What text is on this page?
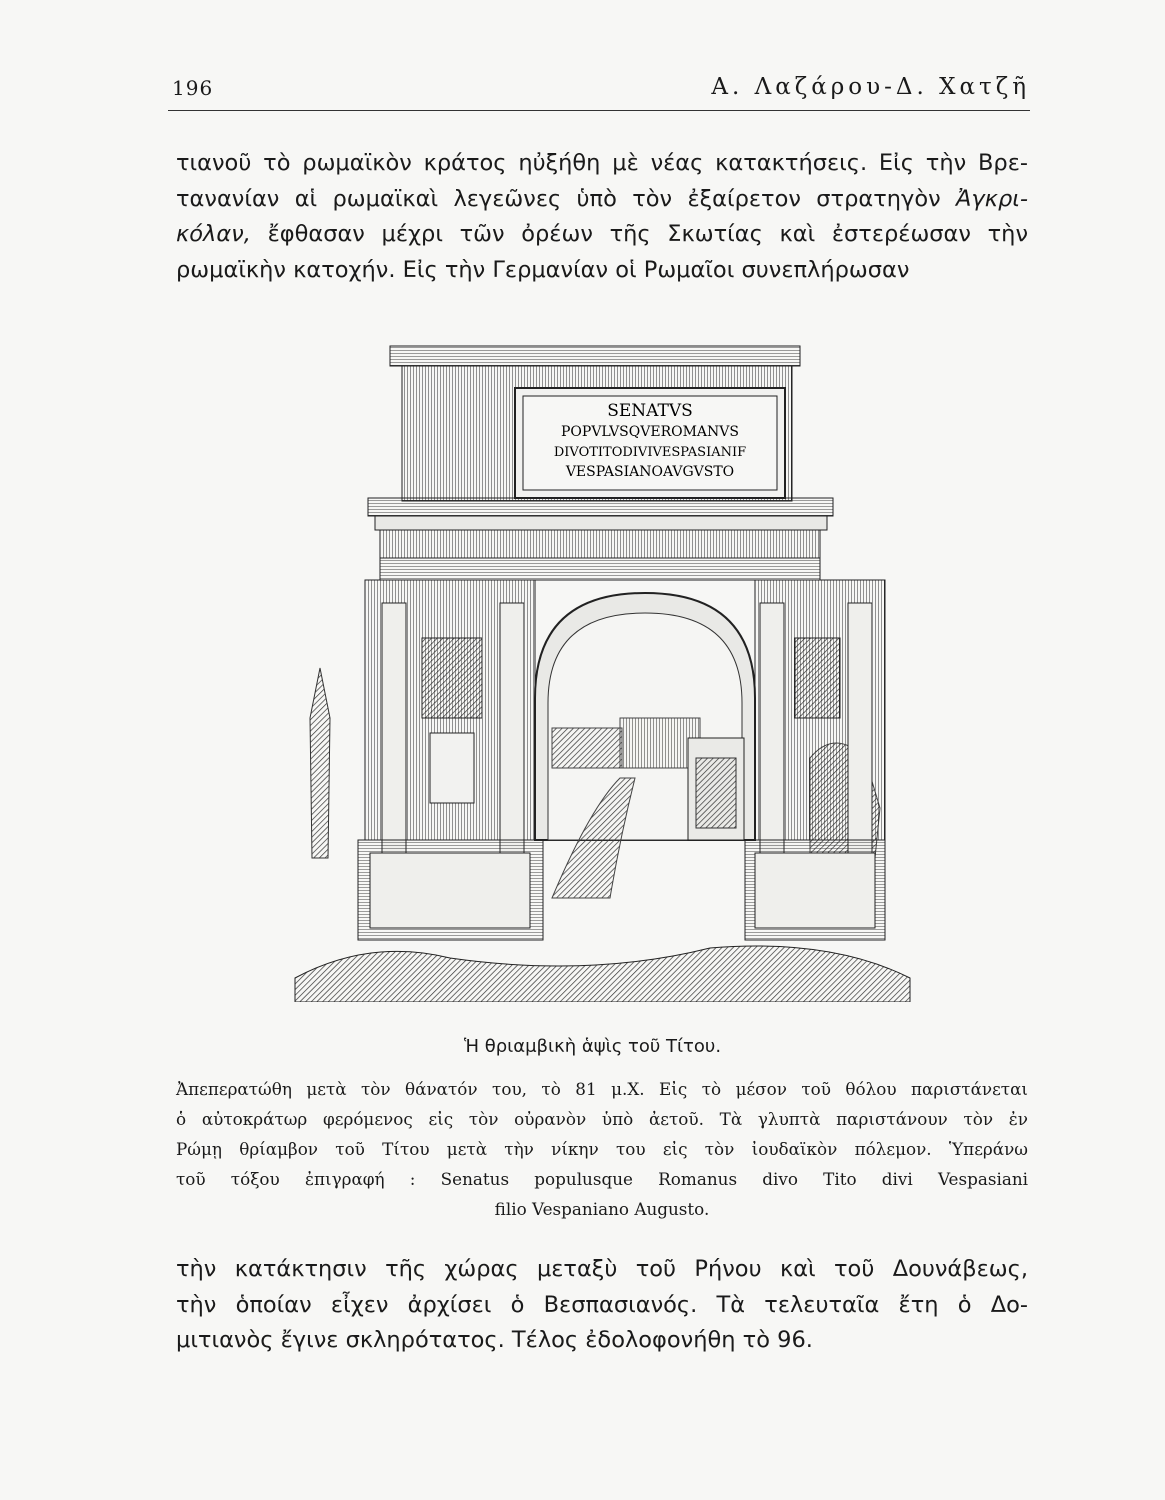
196	Α. Λαζάρου-Δ. Χατζῆ
τιανοῦ τὸ ρωμαϊκὸν κράτος ηὐξήθη μὲ νέας κατακτήσεις. Εἰς τὴν Βρε-
τανανίαν αἱ ρωμαϊκαὶ λεγεῶνες ὑπὸ τὸν ἐξαίρετον στρατηγὸν Ἀγκρι-
κόλαν, ἔφθασαν μέχρι τῶν ὀρέων τῆς Σκωτίας καὶ ἐστερέωσαν τὴν
ρωμαϊκὴν κατοχήν. Εἰς τὴν Γερμανίαν οἱ Ρωμαῖοι συνεπλήρωσαν
SENATVS
POPVLVSQVEROMANVS
DIVOTITODIVIVESPASIANIF
VESPASIANOAVGVSTO
Ἡ θριαμβικὴ ἁψὶς τοῦ Τίτου.
Ἀπεπερατώθη μετὰ τὸν θάνατόν του, τὸ 81 μ.Χ. Εἰς τὸ μέσον τοῦ θόλου παριστάνεται
ὁ αὐτοκράτωρ φερόμενος εἰς τὸν οὐρανὸν ὑπὸ ἀετοῦ. Τὰ γλυπτὰ παριστάνουν τὸν ἐν
Ρώμῃ θρίαμβον τοῦ Τίτου μετὰ τὴν νίκην του εἰς τὸν ἰουδαϊκὸν πόλεμον. Ὑπεράνω
τοῦ τόξου ἐπιγραφή : Senatus populusque Romanus divo Tito divi Vespasiani
filio Vespaniano Augusto.
τὴν κατάκτησιν τῆς χώρας μεταξὺ τοῦ Ρήνου καὶ τοῦ Δουνάβεως,
τὴν ὁποίαν εἶχεν ἀρχίσει ὁ Βεσπασιανός. Τὰ τελευταῖα ἔτη ὁ Δο-
μιτιανὸς ἔγινε σκληρότατος. Τέλος ἐδολοφονήθη τὸ 96.
